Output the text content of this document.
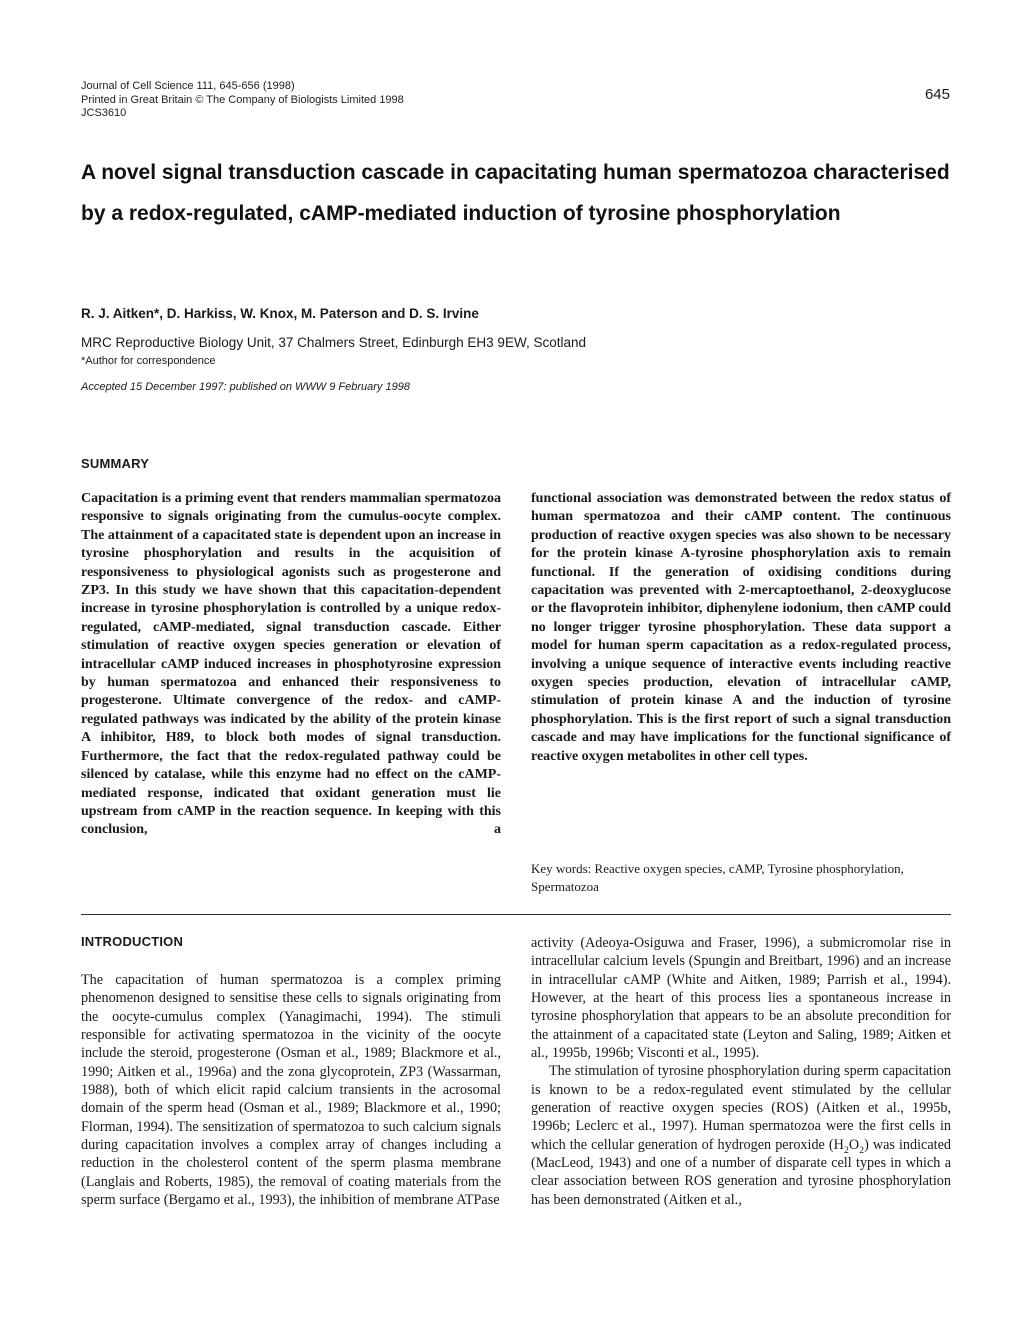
Journal of Cell Science 111, 645-656 (1998)
Printed in Great Britain © The Company of Biologists Limited 1998
JCS3610
645
A novel signal transduction cascade in capacitating human spermatozoa characterised by a redox-regulated, cAMP-mediated induction of tyrosine phosphorylation
R. J. Aitken*, D. Harkiss, W. Knox, M. Paterson and D. S. Irvine
MRC Reproductive Biology Unit, 37 Chalmers Street, Edinburgh EH3 9EW, Scotland
*Author for correspondence
Accepted 15 December 1997: published on WWW 9 February 1998
SUMMARY
Capacitation is a priming event that renders mammalian spermatozoa responsive to signals originating from the cumulus-oocyte complex. The attainment of a capacitated state is dependent upon an increase in tyrosine phosphorylation and results in the acquisition of responsiveness to physiological agonists such as progesterone and ZP3. In this study we have shown that this capacitation-dependent increase in tyrosine phosphorylation is controlled by a unique redox-regulated, cAMP-mediated, signal transduction cascade. Either stimulation of reactive oxygen species generation or elevation of intracellular cAMP induced increases in phosphotyrosine expression by human spermatozoa and enhanced their responsiveness to progesterone. Ultimate convergence of the redox- and cAMP-regulated pathways was indicated by the ability of the protein kinase A inhibitor, H89, to block both modes of signal transduction. Furthermore, the fact that the redox-regulated pathway could be silenced by catalase, while this enzyme had no effect on the cAMP-mediated response, indicated that oxidant generation must lie upstream from cAMP in the reaction sequence. In keeping with this conclusion, a
functional association was demonstrated between the redox status of human spermatozoa and their cAMP content. The continuous production of reactive oxygen species was also shown to be necessary for the protein kinase A-tyrosine phosphorylation axis to remain functional. If the generation of oxidising conditions during capacitation was prevented with 2-mercaptoethanol, 2-deoxyglucose or the flavoprotein inhibitor, diphenylene iodonium, then cAMP could no longer trigger tyrosine phosphorylation. These data support a model for human sperm capacitation as a redox-regulated process, involving a unique sequence of interactive events including reactive oxygen species production, elevation of intracellular cAMP, stimulation of protein kinase A and the induction of tyrosine phosphorylation. This is the first report of such a signal transduction cascade and may have implications for the functional significance of reactive oxygen metabolites in other cell types.
Key words: Reactive oxygen species, cAMP, Tyrosine phosphorylation, Spermatozoa
INTRODUCTION
The capacitation of human spermatozoa is a complex priming phenomenon designed to sensitise these cells to signals originating from the oocyte-cumulus complex (Yanagimachi, 1994). The stimuli responsible for activating spermatozoa in the vicinity of the oocyte include the steroid, progesterone (Osman et al., 1989; Blackmore et al., 1990; Aitken et al., 1996a) and the zona glycoprotein, ZP3 (Wassarman, 1988), both of which elicit rapid calcium transients in the acrosomal domain of the sperm head (Osman et al., 1989; Blackmore et al., 1990; Florman, 1994). The sensitization of spermatozoa to such calcium signals during capacitation involves a complex array of changes including a reduction in the cholesterol content of the sperm plasma membrane (Langlais and Roberts, 1985), the removal of coating materials from the sperm surface (Bergamo et al., 1993), the inhibition of membrane ATPase
activity (Adeoya-Osiguwa and Fraser, 1996), a submicromolar rise in intracellular calcium levels (Spungin and Breitbart, 1996) and an increase in intracellular cAMP (White and Aitken, 1989; Parrish et al., 1994). However, at the heart of this process lies a spontaneous increase in tyrosine phosphorylation that appears to be an absolute precondition for the attainment of a capacitated state (Leyton and Saling, 1989; Aitken et al., 1995b, 1996b; Visconti et al., 1995).
The stimulation of tyrosine phosphorylation during sperm capacitation is known to be a redox-regulated event stimulated by the cellular generation of reactive oxygen species (ROS) (Aitken et al., 1995b, 1996b; Leclerc et al., 1997). Human spermatozoa were the first cells in which the cellular generation of hydrogen peroxide $(H_2O_2)$ was indicated (MacLeod, 1943) and one of a number of disparate cell types in which a clear association between ROS generation and tyrosine phosphorylation has been demonstrated (Aitken et al.,
